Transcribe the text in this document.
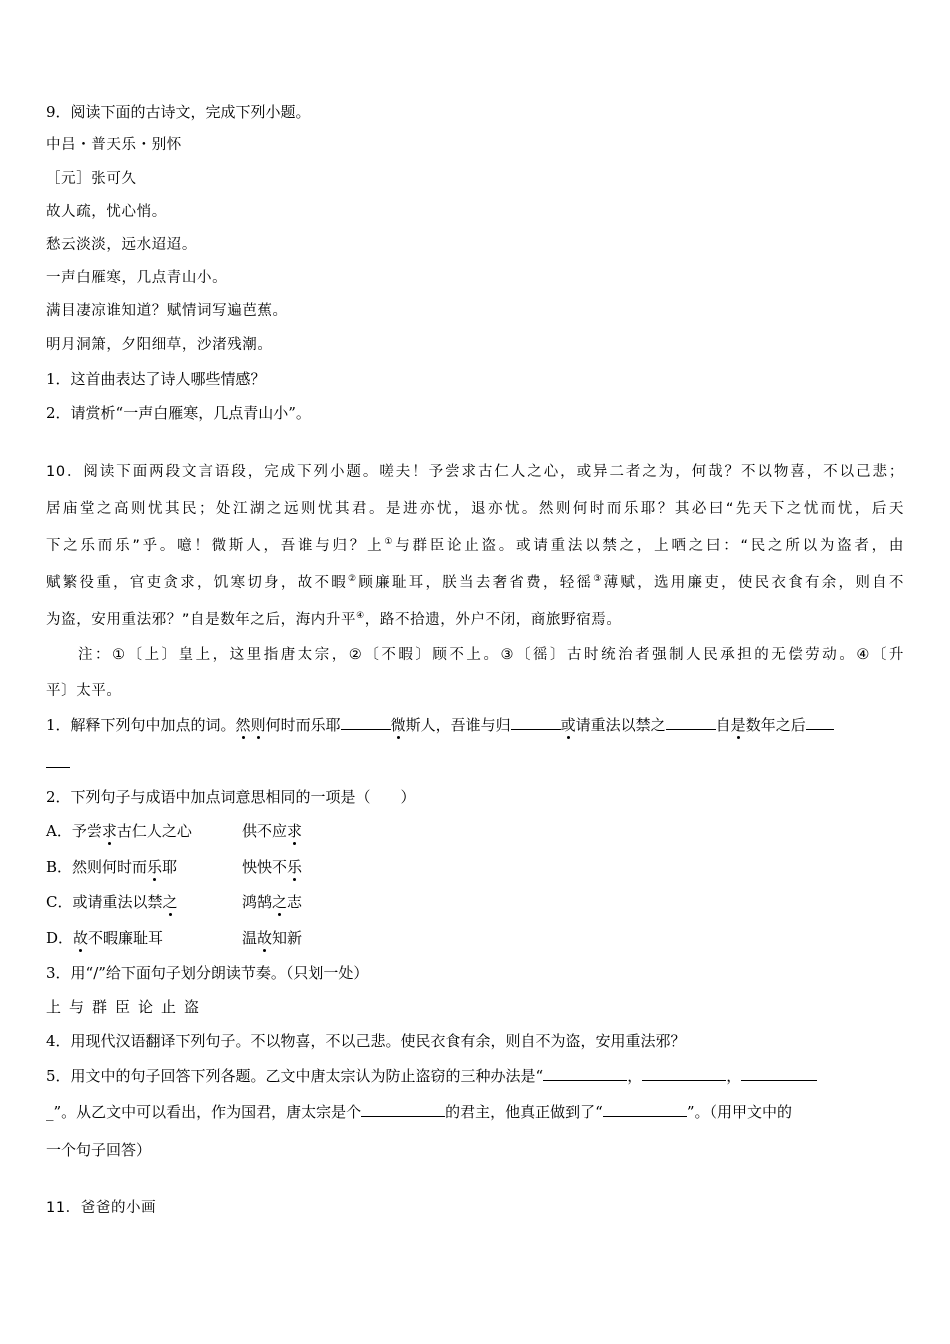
9．阅读下面的古诗文，完成下列小题。
中吕・普天乐・别怀
［元］张可久
故人疏，忧心悄。
愁云淡淡，远水迢迢。
一声白雁寒，几点青山小。
满目凄凉谁知道？赋情词写遍芭蕉。
明月洞箫，夕阳细草，沙渚残潮。
1．这首曲表达了诗人哪些情感？
2．请赏析“一声白雁寒，几点青山小”。
10．阅读下面两段文言语段，完成下列小题。嗟夫！予尝求古仁人之心，或异二者之为，何哉？不以物喜，不以己悲；
居庙堂之高则忧其民；处江湖之远则忧其君。是进亦忧，退亦忧。然则何时而乐耶？其必曰“先天下之忧而忧，后天
下之乐而乐”乎。噫！微斯人，吾谁与归？上①与群臣论止盗。或请重法以禁之，上哂之曰：“民之所以为盗者，由
赋繁役重，官吏贪求，饥寒切身，故不暇②顾廉耻耳，朕当去奢省费，轻徭③薄赋，选用廉吏，使民衣食有余，则自不
为盗，安用重法邪？”自是数年之后，海内升平④，路不拾遗，外户不闭，商旅野宿焉。
注：①〔上〕皇上，这里指唐太宗，②〔不暇〕顾不上。③〔徭〕古时统治者强制人民承担的无偿劳动。④〔升
平〕太平。
1．解释下列句中加点的词。然则何时而乐耶	微斯人，吾谁与归	或请重法以禁之	自是数年之后
2．下列句子与成语中加点词意思相同的一项是（　　）
A．予尝求古仁人之心	供不应求
B．然则何时而乐耶	怏怏不乐
C．或请重法以禁之	鸿鹄之志
D．故不暇廉耻耳	温故知新
3．用“/”给下面句子划分朗读节奏。（只划一处）
上与群臣论止盗
4．用现代汉语翻译下列句子。不以物喜，不以己悲。使民衣食有余，则自不为盗，安用重法邪？
5．用文中的句子回答下列各题。乙文中唐太宗认为防止盗窃的三种办法是“	，	，
_”。从乙文中可以看出，作为国君，唐太宗是个	的君主，他真正做到了“	”。（用甲文中的
一个句子回答）
11．爸爸的小画
